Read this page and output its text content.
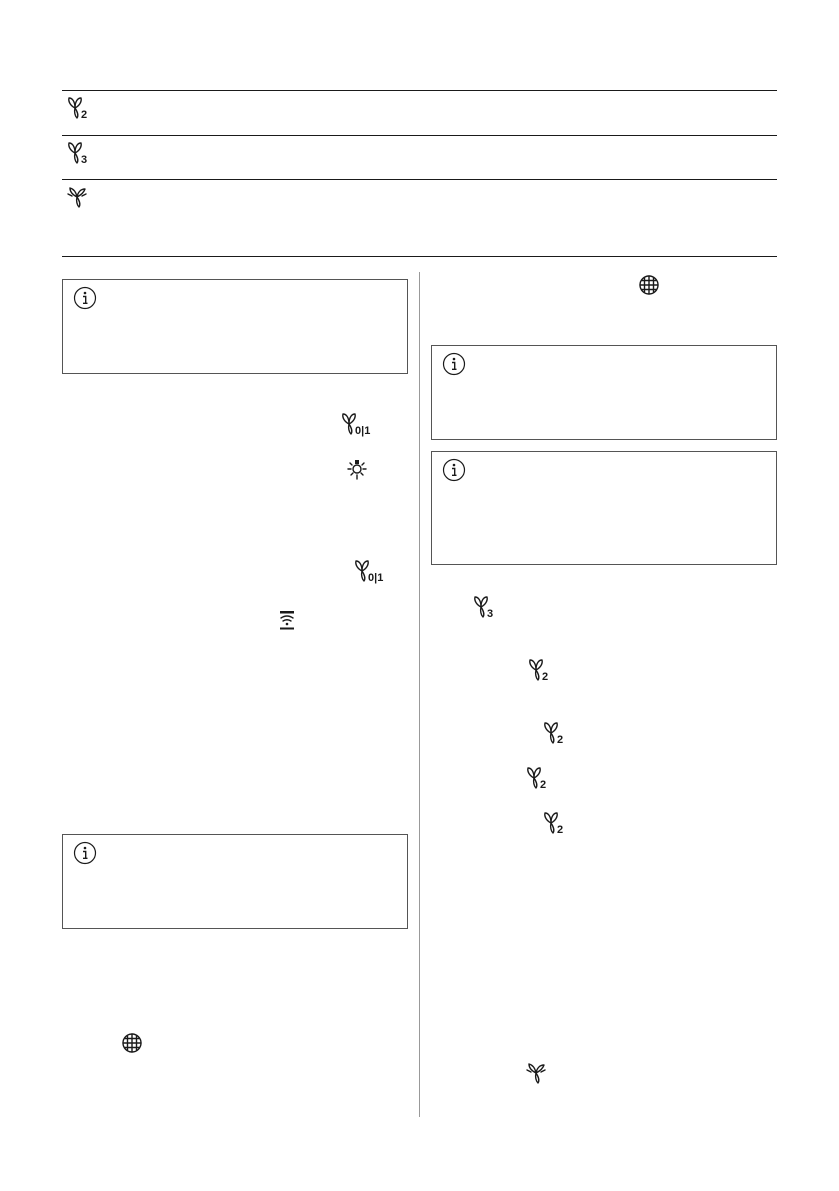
2
3
0|1
0|1
3
2
2
2
2
